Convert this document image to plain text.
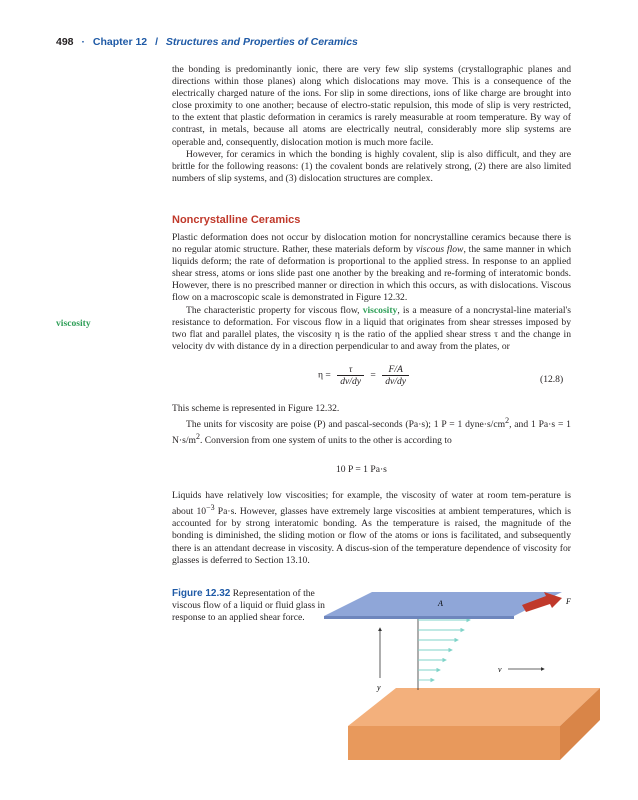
498 · Chapter 12 / Structures and Properties of Ceramics

the bonding is predominantly ionic, there are very few slip systems (crystallographic planes and directions within those planes) along which dislocations may move. This is a consequence of the electrically charged nature of the ions. For slip in some directions, ions of like charge are brought into close proximity to one another; because of electro-static repulsion, this mode of slip is very restricted, to the extent that plastic deformation in ceramics is rarely measurable at room temperature. By way of contrast, in metals, because all atoms are electrically neutral, considerably more slip systems are operable and, consequently, dislocation motion is much more facile.

However, for ceramics in which the bonding is highly covalent, slip is also difficult, and they are brittle for the following reasons: (1) the covalent bonds are relatively strong, (2) there are also limited numbers of slip systems, and (3) dislocation structures are complex.

Noncrystalline Ceramics

Plastic deformation does not occur by dislocation motion for noncrystalline ceramics because there is no regular atomic structure. Rather, these materials deform by viscous flow, the same manner in which liquids deform; the rate of deformation is proportional to the applied stress. In response to an applied shear stress, atoms or ions slide past one another by the breaking and re-forming of interatomic bonds. However, there is no prescribed manner or direction in which this occurs, as with dislocations. Viscous flow on a macroscopic scale is demonstrated in Figure 12.32.

The characteristic property for viscous flow, viscosity, is a measure of a noncrystal-line material's resistance to deformation. For viscous flow in a liquid that originates from shear stresses imposed by two flat and parallel plates, the viscosity η is the ratio of the applied shear stress τ and the change in velocity dv with distance dy in a direction perpendicular to and away from the plates, or

viscosity
$\eta = \frac{\tau}{dv/dy} = \frac{F/A}{dv/dy}$	(12.8)

This scheme is represented in Figure 12.32.

The units for viscosity are poise (P) and pascal-seconds (Pa·s); 1 P = 1 $dyne\cdot s/cm^2$, and 1 Pa·s = 1 $N\cdot s/m^2$. Conversion from one system of units to the other is according to

10 P = 1 Pa·s

Liquids have relatively low viscosities; for example, the viscosity of water at room tem-perature is about $10^{-3}$ Pa·s. However, glasses have extremely large viscosities at ambient temperatures, which is accounted for by strong interatomic bonding. As the temperature is raised, the magnitude of the bonding is diminished, the sliding motion or flow of the atoms or ions is facilitated, and subsequently there is an attendant decrease in viscosity. A discus-sion of the temperature dependence of viscosity for glasses is deferred to Section 13.10.

Figure 12.32 Representation of the viscous flow of a liquid or fluid glass in response to an applied shear force.
y
v
A	F
